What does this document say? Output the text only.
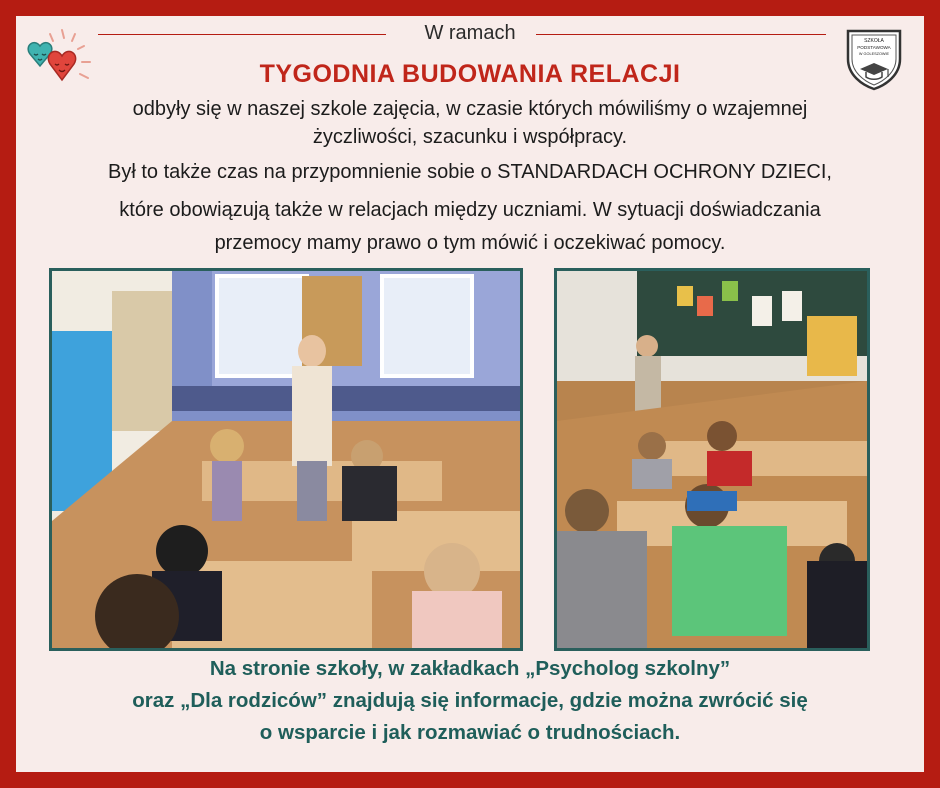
SZKOŁA
PODSTAWOWA
W GOLESZOWIE
W ramach
TYGODNIA BUDOWANIA RELACJI
odbyły się w naszej szkole zajęcia, w czasie których mówiliśmy o wzajemnej
życzliwości, szacunku i współpracy.
Był to także czas na przypomnienie sobie o STANDARDACH OCHRONY DZIECI,
które obowiązują także w relacjach między uczniami. W sytuacji doświadczania
przemocy mamy prawo o tym mówić i oczekiwać pomocy.
Na stronie szkoły, w zakładkach „Psycholog szkolny”
oraz „Dla rodziców” znajdują się informacje, gdzie można zwrócić się
o wsparcie i jak rozmawiać o trudnościach.
